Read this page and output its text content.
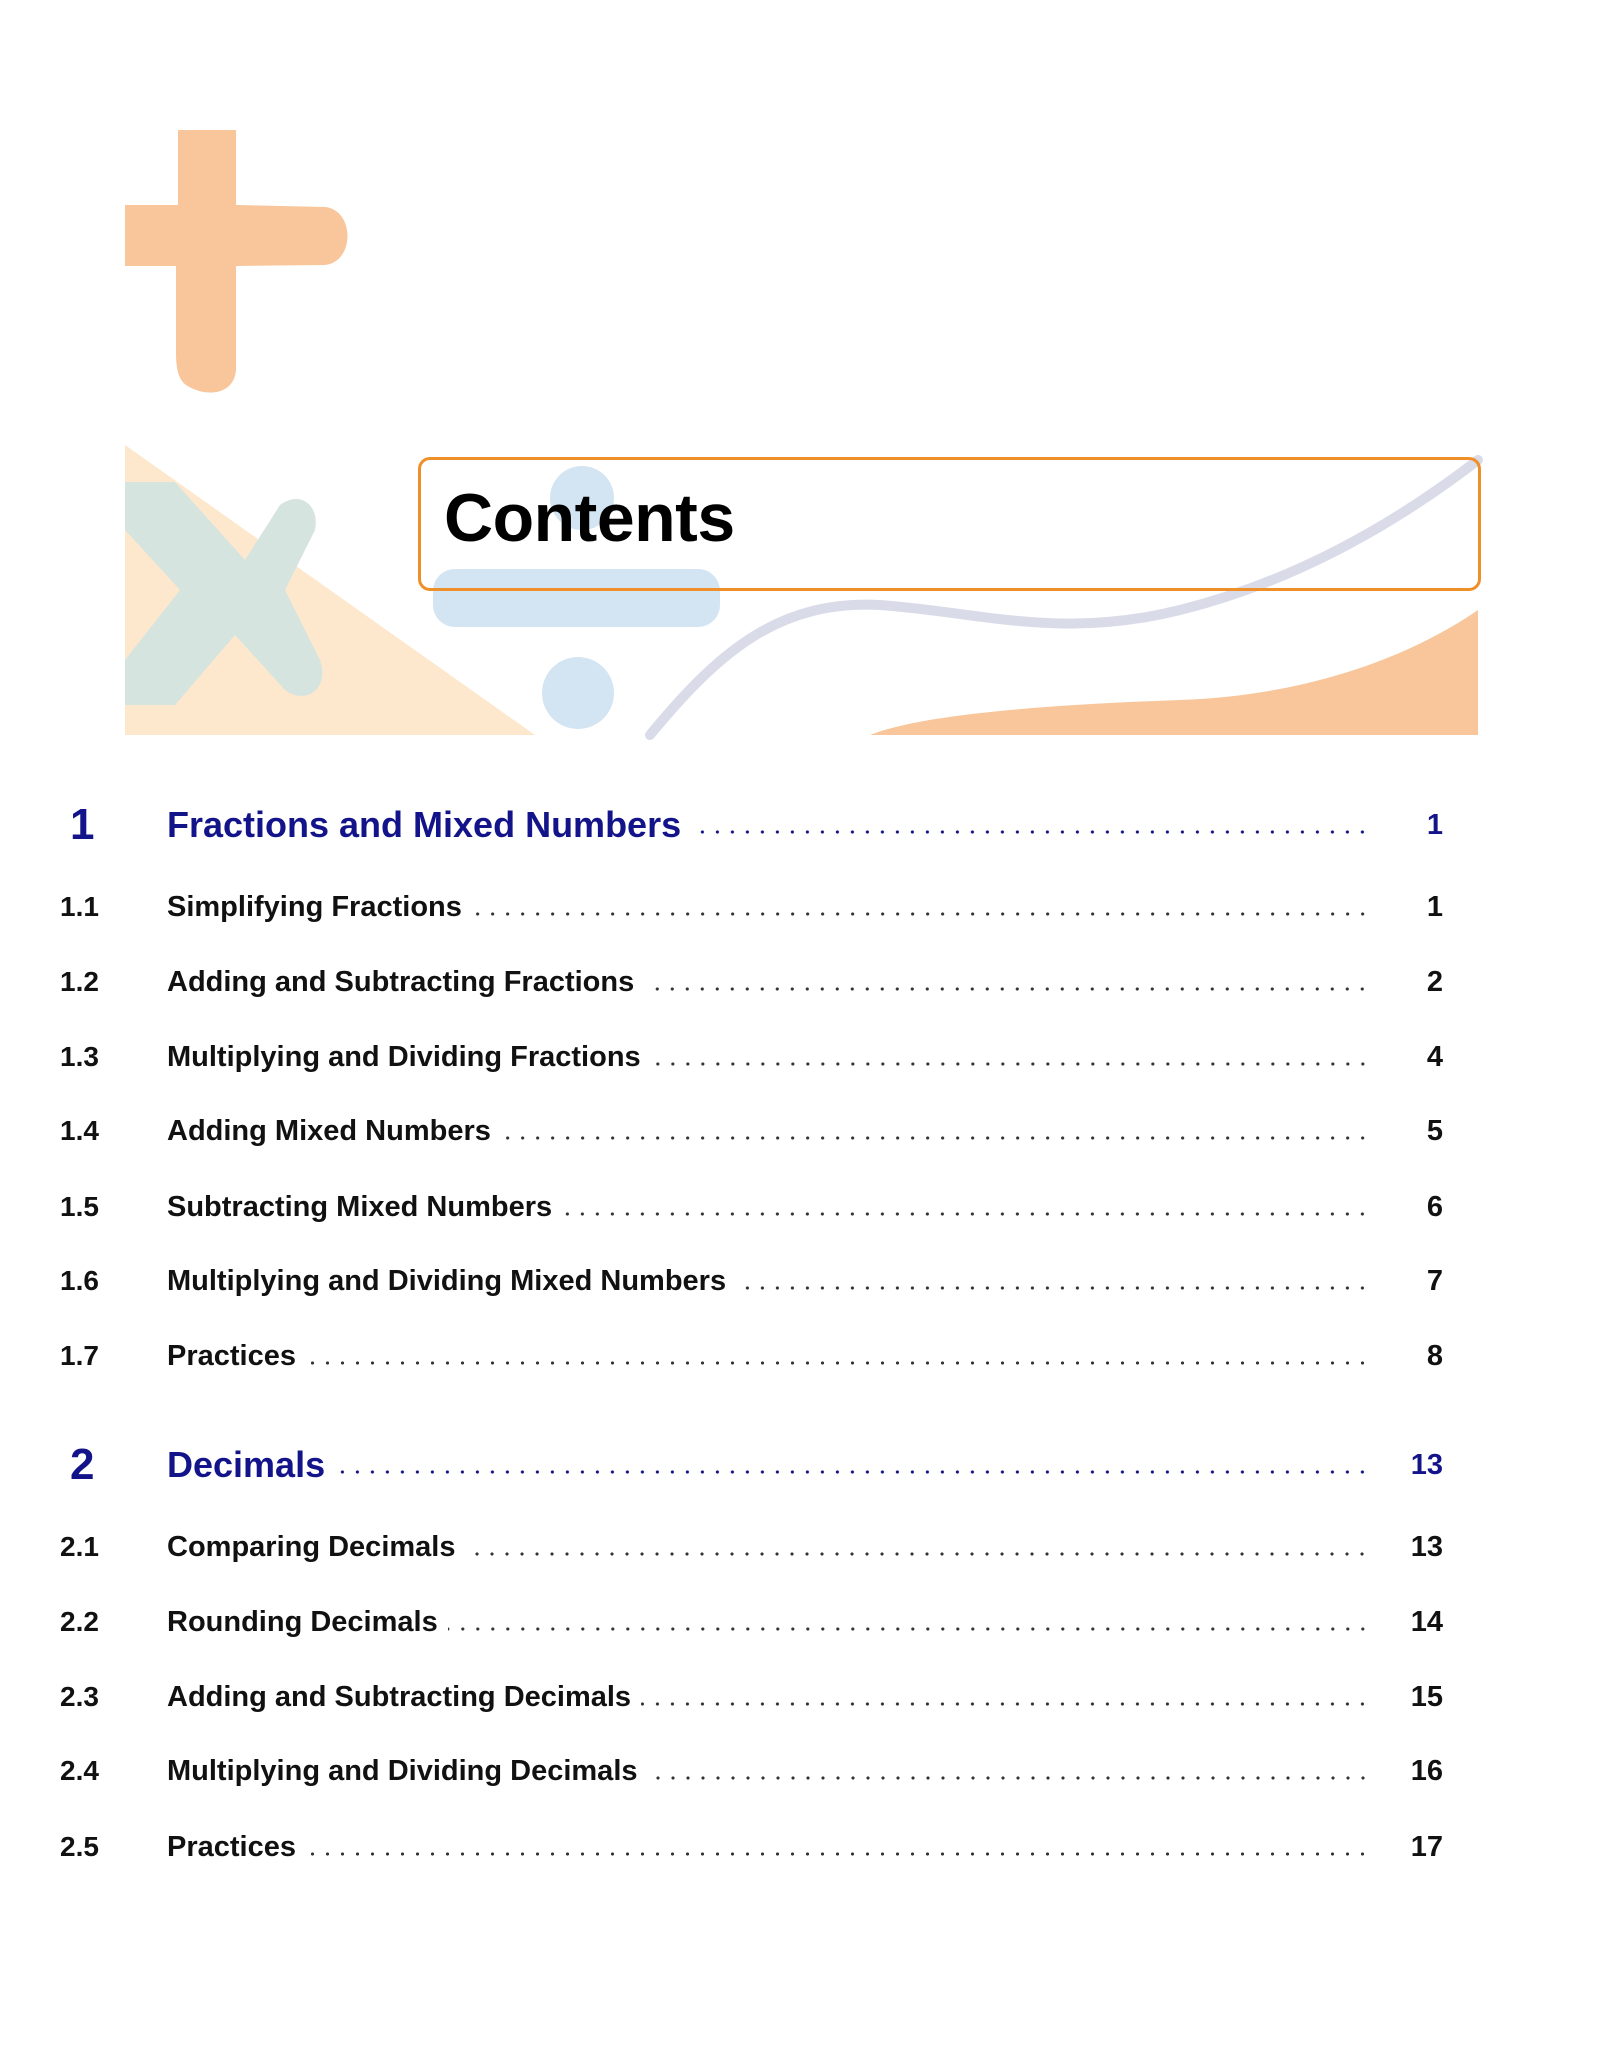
Contents
1	Fractions and Mixed Numbers	1
1.1	Simplifying Fractions	1
1.2	Adding and Subtracting Fractions	2
1.3	Multiplying and Dividing Fractions	4
1.4	Adding Mixed Numbers	5
1.5	Subtracting Mixed Numbers	6
1.6	Multiplying and Dividing Mixed Numbers	7
1.7	Practices	8
2	Decimals	13
2.1	Comparing Decimals	13
2.2	Rounding Decimals	14
2.3	Adding and Subtracting Decimals	15
2.4	Multiplying and Dividing Decimals	16
2.5	Practices	17
